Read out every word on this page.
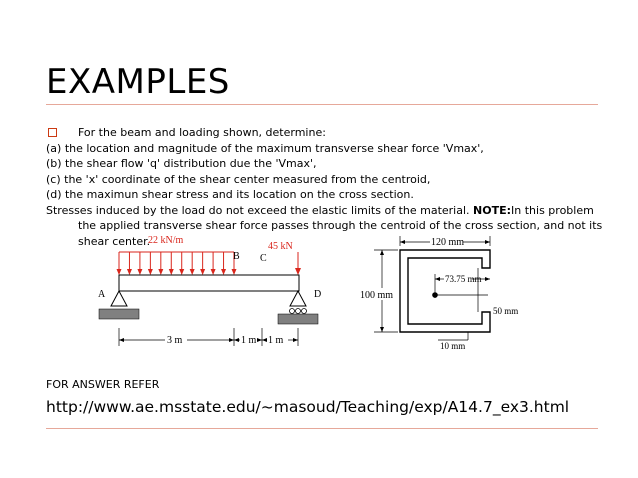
EXAMPLES
For the beam and loading shown, determine:
(a) the location and magnitude of the maximum transverse shear force 'Vmax',
(b) the shear flow 'q' distribution due the 'Vmax',
(c) the 'x' coordinate of the shear center measured from the centroid,
(d) the maximun shear stress and its location on the cross section.
Stresses induced by the load do not exceed the elastic limits of the material. NOTE:In this problem
the applied transverse shear force passes through the centroid of the cross section, and not its
shear center.
22 kN/m
45 kN
B C
A	D
3 m	1 m 1 m
120 mm
100 mm
73.75 mm
50 mm
10 mm
FOR ANSWER REFER
http://www.ae.msstate.edu/~masoud/Teaching/exp/A14.7_ex3.html
